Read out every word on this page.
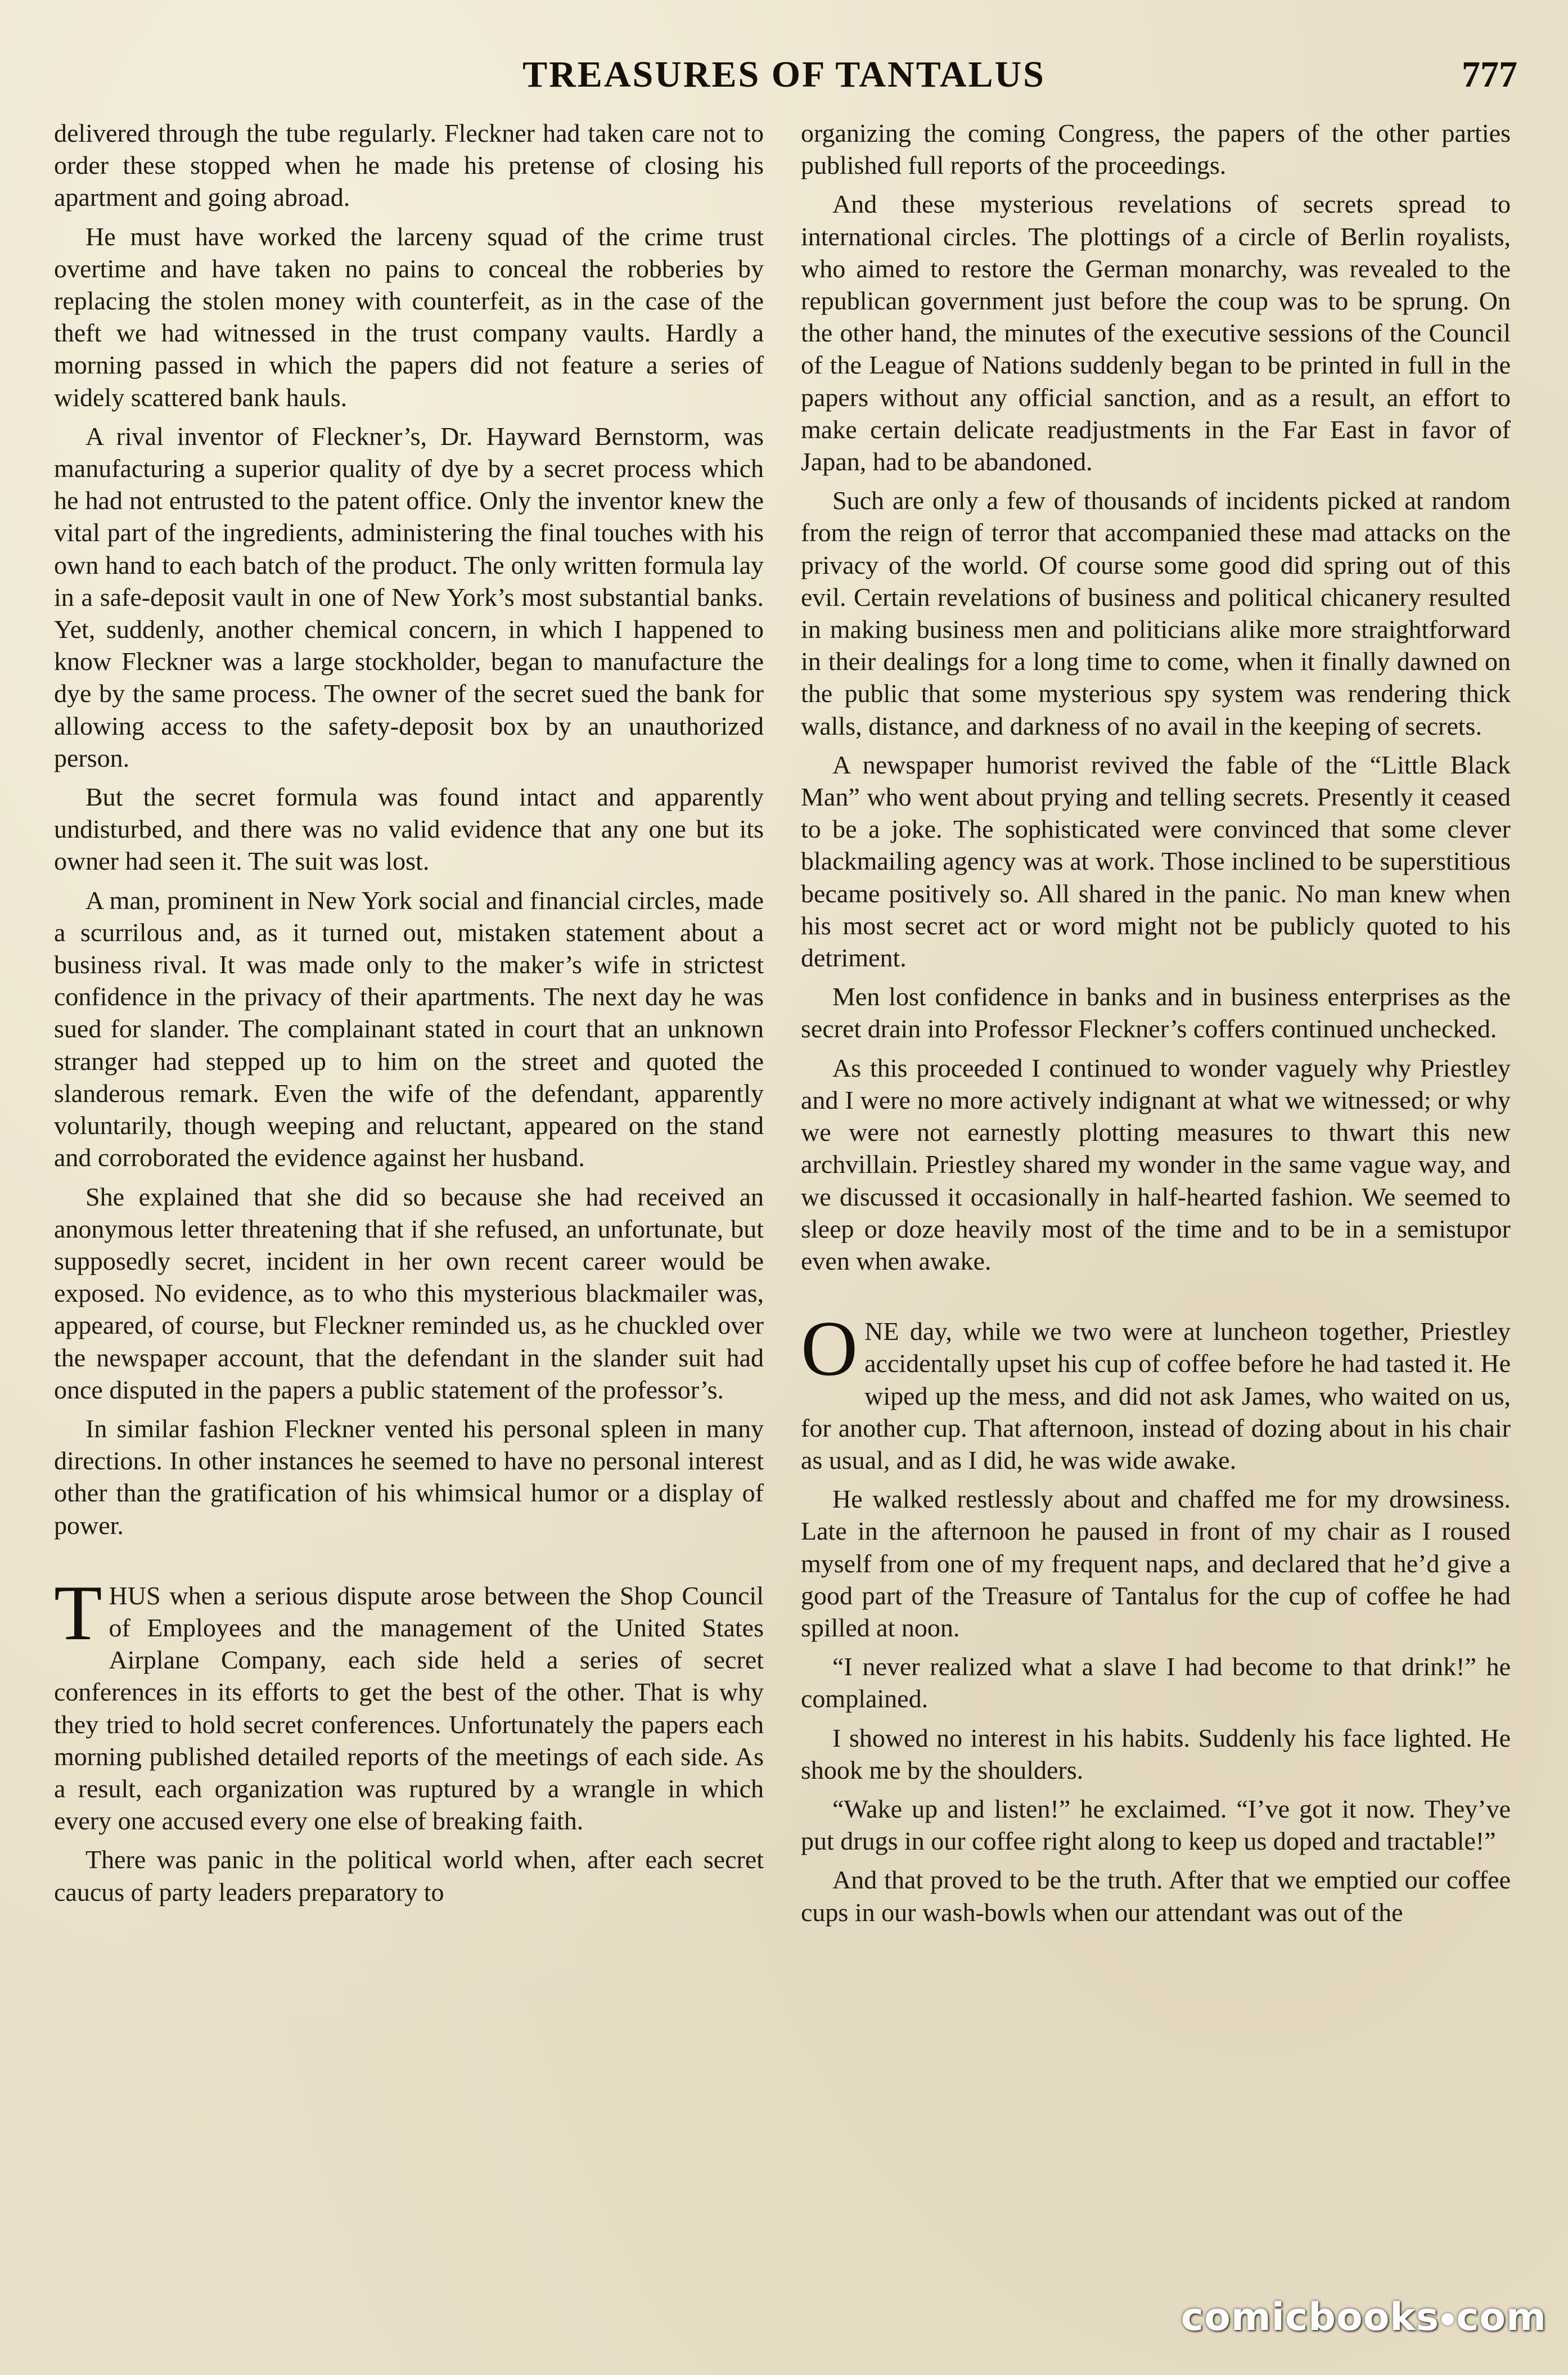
TREASURES OF TANTALUS	777

delivered through the tube regularly. Fleckner had taken care not to order these stopped when he made his pretense of closing his apartment and going abroad.

He must have worked the larceny squad of the crime trust overtime and have taken no pains to conceal the robberies by replacing the stolen money with counterfeit, as in the case of the theft we had witnessed in the trust company vaults. Hardly a morning passed in which the papers did not feature a series of widely scattered bank hauls.

A rival inventor of Fleckner’s, Dr. Hayward Bernstorm, was manufacturing a superior quality of dye by a secret process which he had not entrusted to the patent office. Only the inventor knew the vital part of the ingredients, administering the final touches with his own hand to each batch of the product. The only written formula lay in a safe-deposit vault in one of New York’s most substantial banks. Yet, suddenly, another chemical concern, in which I happened to know Fleckner was a large stockholder, began to manufacture the dye by the same process. The owner of the secret sued the bank for allowing access to the safety-deposit box by an unauthorized person.

But the secret formula was found intact and apparently undisturbed, and there was no valid evidence that any one but its owner had seen it. The suit was lost.

A man, prominent in New York social and financial circles, made a scurrilous and, as it turned out, mistaken statement about a business rival. It was made only to the maker’s wife in strictest confidence in the privacy of their apartments. The next day he was sued for slander. The complainant stated in court that an unknown stranger had stepped up to him on the street and quoted the slanderous remark. Even the wife of the defendant, apparently voluntarily, though weeping and reluctant, appeared on the stand and corroborated the evidence against her husband.

She explained that she did so because she had received an anonymous letter threatening that if she refused, an unfortunate, but supposedly secret, incident in her own recent career would be exposed. No evidence, as to who this mysterious blackmailer was, appeared, of course, but Fleckner reminded us, as he chuckled over the newspaper account, that the defendant in the slander suit had once disputed in the papers a public statement of the professor’s.

In similar fashion Fleckner vented his personal spleen in many directions. In other instances he seemed to have no personal interest other than the gratification of his whimsical humor or a display of power.

THUS when a serious dispute arose between the Shop Council of Employees and the management of the United States Airplane Company, each side held a series of secret conferences in its efforts to get the best of the other. That is why they tried to hold secret conferences. Unfortunately the papers each morning published detailed reports of the meetings of each side. As a result, each organization was ruptured by a wrangle in which every one accused every one else of breaking faith.

There was panic in the political world when, after each secret caucus of party leaders preparatory to

organizing the coming Congress, the papers of the other parties published full reports of the proceedings.

And these mysterious revelations of secrets spread to international circles. The plottings of a circle of Berlin royalists, who aimed to restore the German monarchy, was revealed to the republican government just before the coup was to be sprung. On the other hand, the minutes of the executive sessions of the Council of the League of Nations suddenly began to be printed in full in the papers without any official sanction, and as a result, an effort to make certain delicate readjustments in the Far East in favor of Japan, had to be abandoned.

Such are only a few of thousands of incidents picked at random from the reign of terror that accompanied these mad attacks on the privacy of the world. Of course some good did spring out of this evil. Certain revelations of business and political chicanery resulted in making business men and politicians alike more straightforward in their dealings for a long time to come, when it finally dawned on the public that some mysterious spy system was rendering thick walls, distance, and darkness of no avail in the keeping of secrets.

A newspaper humorist revived the fable of the “Little Black Man” who went about prying and telling secrets. Presently it ceased to be a joke. The sophisticated were convinced that some clever blackmailing agency was at work. Those inclined to be superstitious became positively so. All shared in the panic. No man knew when his most secret act or word might not be publicly quoted to his detriment.

Men lost confidence in banks and in business enterprises as the secret drain into Professor Fleckner’s coffers continued unchecked.

As this proceeded I continued to wonder vaguely why Priestley and I were no more actively indignant at what we witnessed; or why we were not earnestly plotting measures to thwart this new archvillain. Priestley shared my wonder in the same vague way, and we discussed it occasionally in half-hearted fashion. We seemed to sleep or doze heavily most of the time and to be in a semistupor even when awake.

ONE day, while we two were at luncheon together, Priestley accidentally upset his cup of coffee before he had tasted it. He wiped up the mess, and did not ask James, who waited on us, for another cup. That afternoon, instead of dozing about in his chair as usual, and as I did, he was wide awake.

He walked restlessly about and chaffed me for my drowsiness. Late in the afternoon he paused in front of my chair as I roused myself from one of my frequent naps, and declared that he’d give a good part of the Treasure of Tantalus for the cup of coffee he had spilled at noon.

“I never realized what a slave I had become to that drink!” he complained.

I showed no interest in his habits. Suddenly his face lighted. He shook me by the shoulders.

“Wake up and listen!” he exclaimed. “I’ve got it now. They’ve put drugs in our coffee right along to keep us doped and tractable!”

And that proved to be the truth. After that we emptied our coffee cups in our wash-bowls when our attendant was out of the

comicbooks com
